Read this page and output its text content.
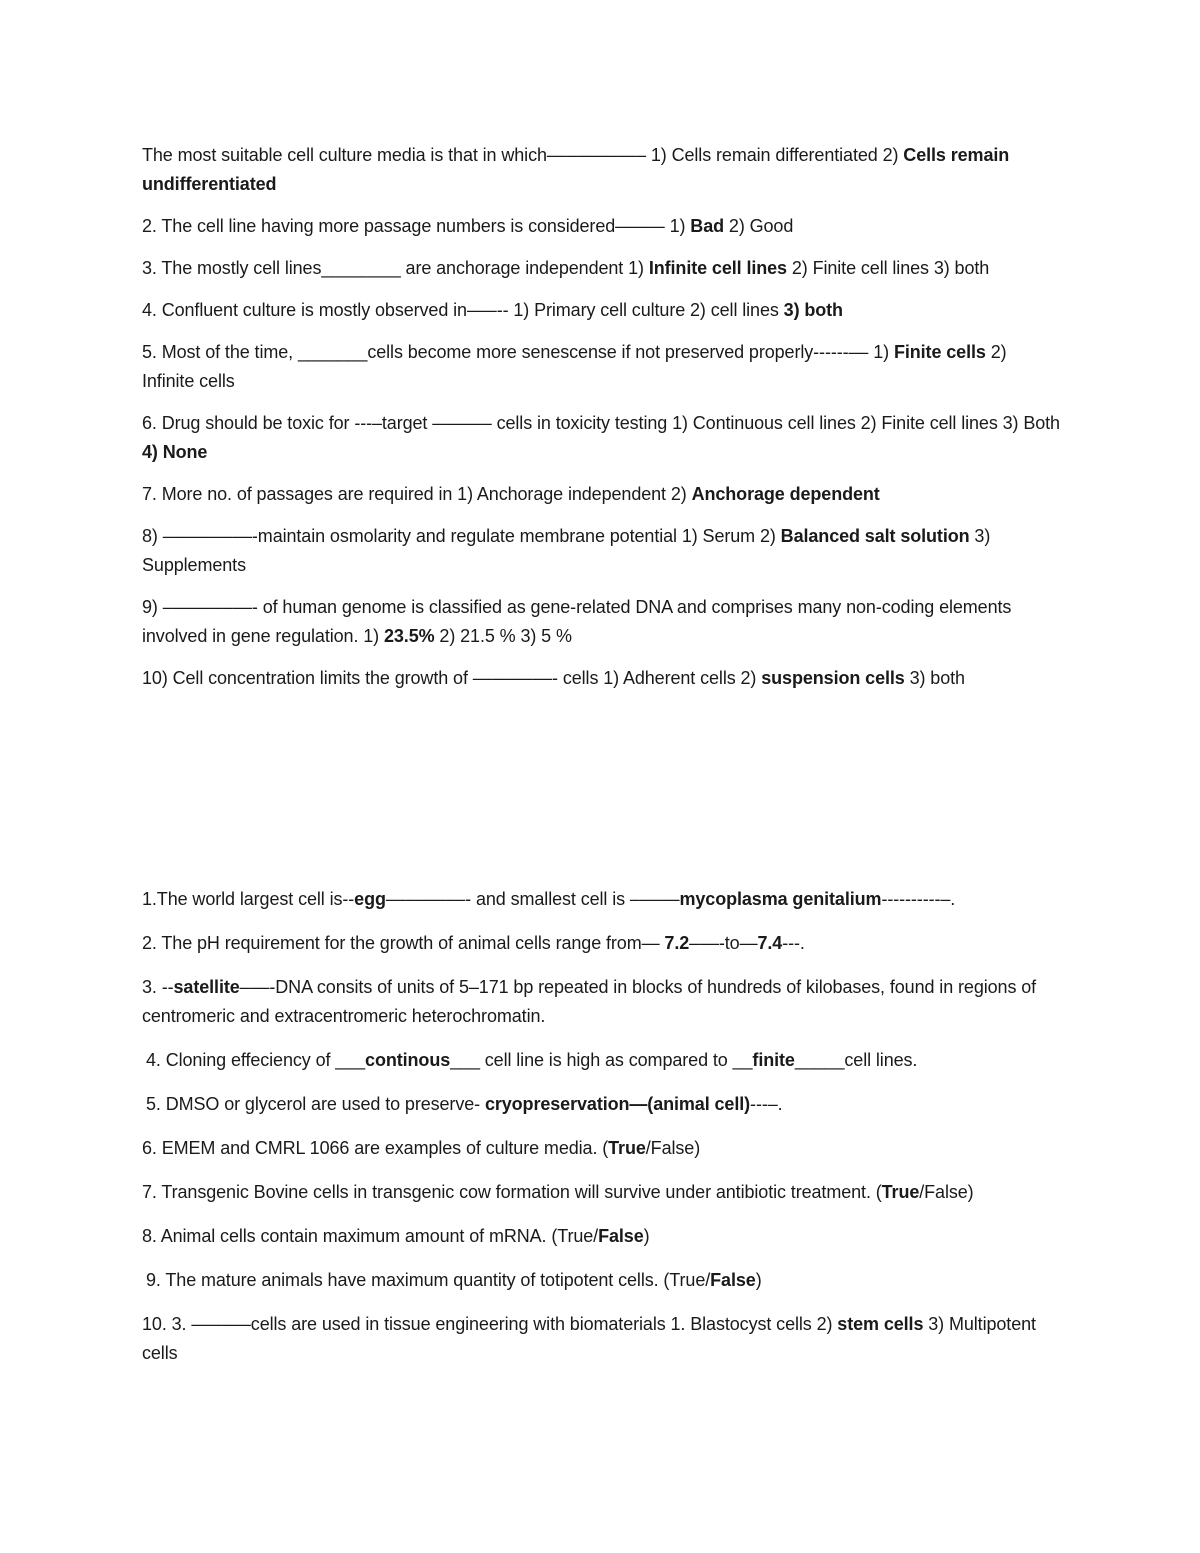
The most suitable cell culture media is that in which–––––––––– 1) Cells remain differentiated 2) Cells remain undifferentiated

2. The cell line having more passage numbers is considered––––– 1) Bad 2) Good

3. The mostly cell lines________ are anchorage independent 1) Infinite cell lines 2) Finite cell lines 3) both

4. Confluent culture is mostly observed in–––-- 1) Primary cell culture 2) cell lines 3) both

5. Most of the time, _______cells become more senescense if not preserved properly------–– 1) Finite cells 2) Infinite cells

6. Drug should be toxic for ---–target –––––– cells in toxicity testing 1) Continuous cell lines 2) Finite cell lines 3) Both 4) None

7. More no. of passages are required in 1) Anchorage independent 2) Anchorage dependent

8) –––––––––-maintain osmolarity and regulate membrane potential 1) Serum 2) Balanced salt solution 3) Supplements

9) –––––––––- of human genome is classified as gene-related DNA and comprises many non-coding elements involved in gene regulation. 1) 23.5% 2) 21.5 % 3) 5 %

10) Cell concentration limits the growth of ––––––––- cells 1) Adherent cells 2) suspension cells 3) both

1.The world largest cell is--egg––––––––- and smallest cell is –––––mycoplasma genitalium----------–.

2. The pH requirement for the growth of animal cells range from— 7.2–––-to—7.4---.

3. --satellite–––-DNA consits of units of 5–171 bp repeated in blocks of hundreds of kilobases, found in regions of centromeric and extracentromeric heterochromatin.

4. Cloning effeciency of ___continous___ cell line is high as compared to __finite_____cell lines.

5. DMSO or glycerol are used to preserve- cryopreservation—(animal cell)---–.

6. EMEM and CMRL 1066 are examples of culture media. (True/False)

7. Transgenic Bovine cells in transgenic cow formation will survive under antibiotic treatment. (True/False)

8. Animal cells contain maximum amount of mRNA. (True/False)

9. The mature animals have maximum quantity of totipotent cells. (True/False)

10. 3. ––––––cells are used in tissue engineering with biomaterials 1. Blastocyst cells 2) stem cells 3) Multipotent cells
